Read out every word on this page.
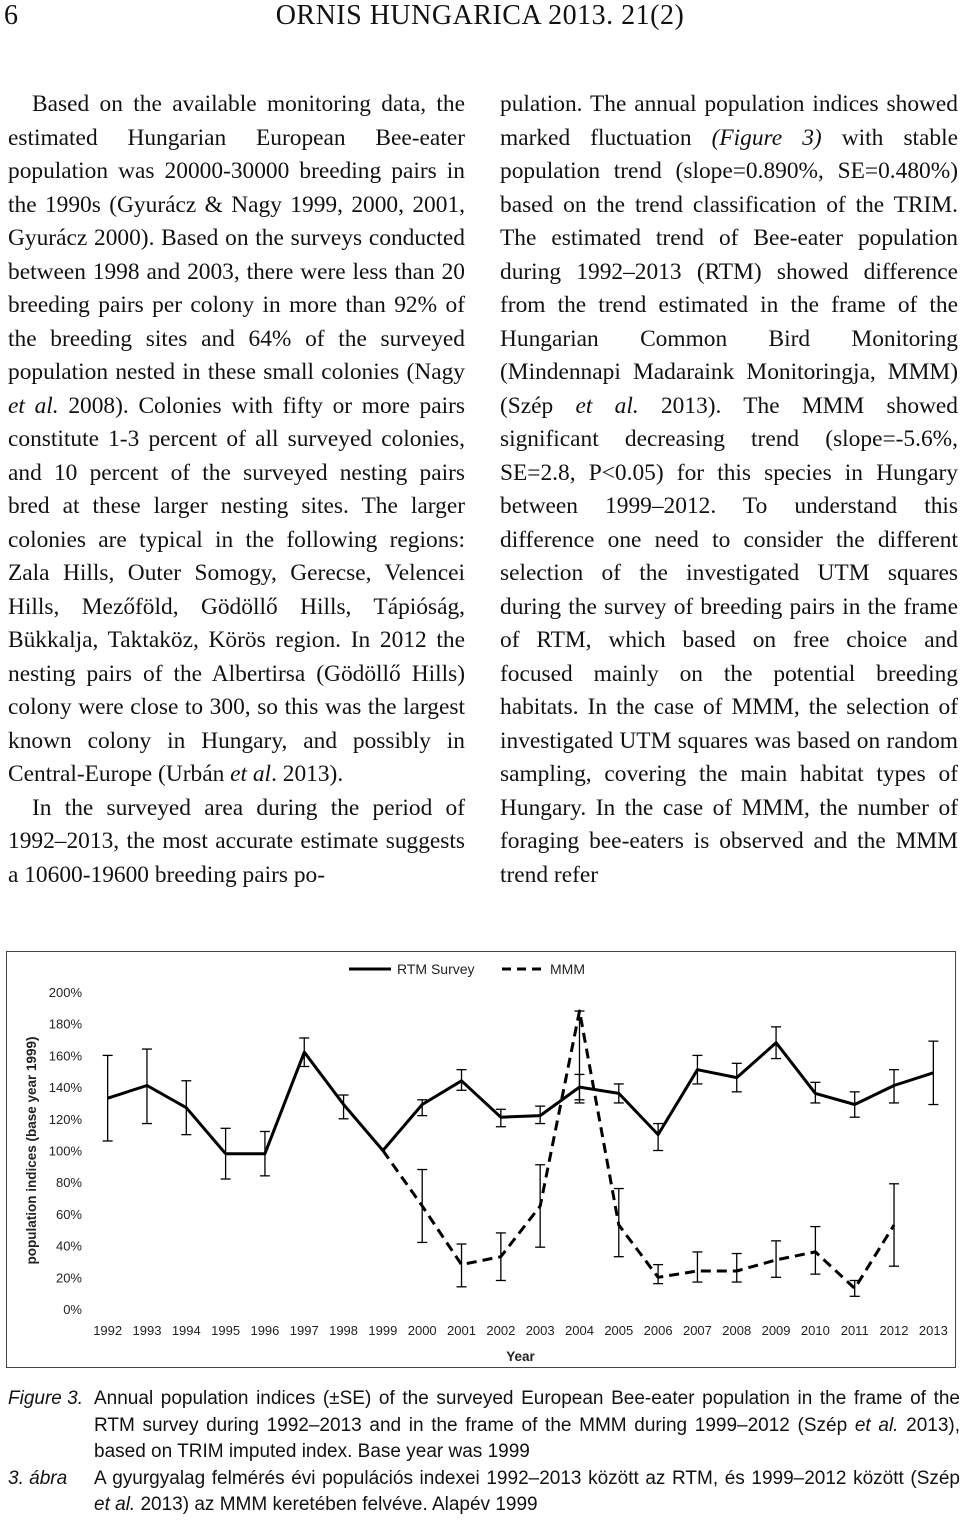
6	ORNIS HUNGARICA 2013. 21(2)

Based on the available monitoring data, the estimated Hungarian European Bee-eater population was 20000-30000 breeding pairs in the 1990s (Gyurácz & Nagy 1999, 2000, 2001, Gyurácz 2000). Based on the surveys conducted between 1998 and 2003, there were less than 20 breeding pairs per colony in more than 92% of the breeding sites and 64% of the surveyed population nested in these small colonies (Nagy et al. 2008). Colonies with fifty or more pairs constitute 1-3 percent of all surveyed colonies, and 10 percent of the surveyed nesting pairs bred at these larger nesting sites. The larger colonies are typical in the following regions: Zala Hills, Outer Somogy, Gerecse, Velencei Hills, Mezőföld, Gödöllő Hills, Tápióság, Bükkalja, Taktaköz, Körös region. In 2012 the nesting pairs of the Albertirsa (Gödöllő Hills) colony were close to 300, so this was the largest known colony in Hungary, and possibly in Central-Europe (Urbán et al. 2013).

In the surveyed area during the period of 1992–2013, the most accurate estimate suggests a 10600-19600 breeding pairs po-

pulation. The annual population indices showed marked fluctuation (Figure 3) with stable population trend (slope=0.890%, SE=0.480%) based on the trend classification of the TRIM. The estimated trend of Bee-eater population during 1992–2013 (RTM) showed difference from the trend estimated in the frame of the Hungarian Common Bird Monitoring (Mindennapi Madaraink Monitoringja, MMM) (Szép et al. 2013). The MMM showed significant decreasing trend (slope=-5.6%, SE=2.8, P<0.05) for this species in Hungary between 1999–2012. To understand this difference one need to consider the different selection of the investigated UTM squares during the survey of breeding pairs in the frame of RTM, which based on free choice and focused mainly on the potential breeding habitats. In the case of MMM, the selection of investigated UTM squares was based on random sampling, covering the main habitat types of Hungary. In the case of MMM, the number of foraging bee-eaters is observed and the MMM trend refer

0%
20%
40%
60%
80%
100%
120%
140%
160%
180%
200%
population indices (base year 1999)
1992 1993 1994 1995 1996 1997 1998 1999 2000 2001 2002 2003 2004 2005 2006 2007 2008 2009 2010 2011 2012 2013
Year
RTM Survey	MMM
Figure 3. Annual population indices (±SE) of the surveyed European Bee-eater population in the frame of the RTM survey during 1992–2013 and in the frame of the MMM during 1999–2012 (Szép et al. 2013), based on TRIM imputed index. Base year was 1999
3. ábra A gyurgyalag felmérés évi populációs indexei 1992–2013 között az RTM, és 1999–2012 között (Szép et al. 2013) az MMM keretében felvéve. Alapév 1999
